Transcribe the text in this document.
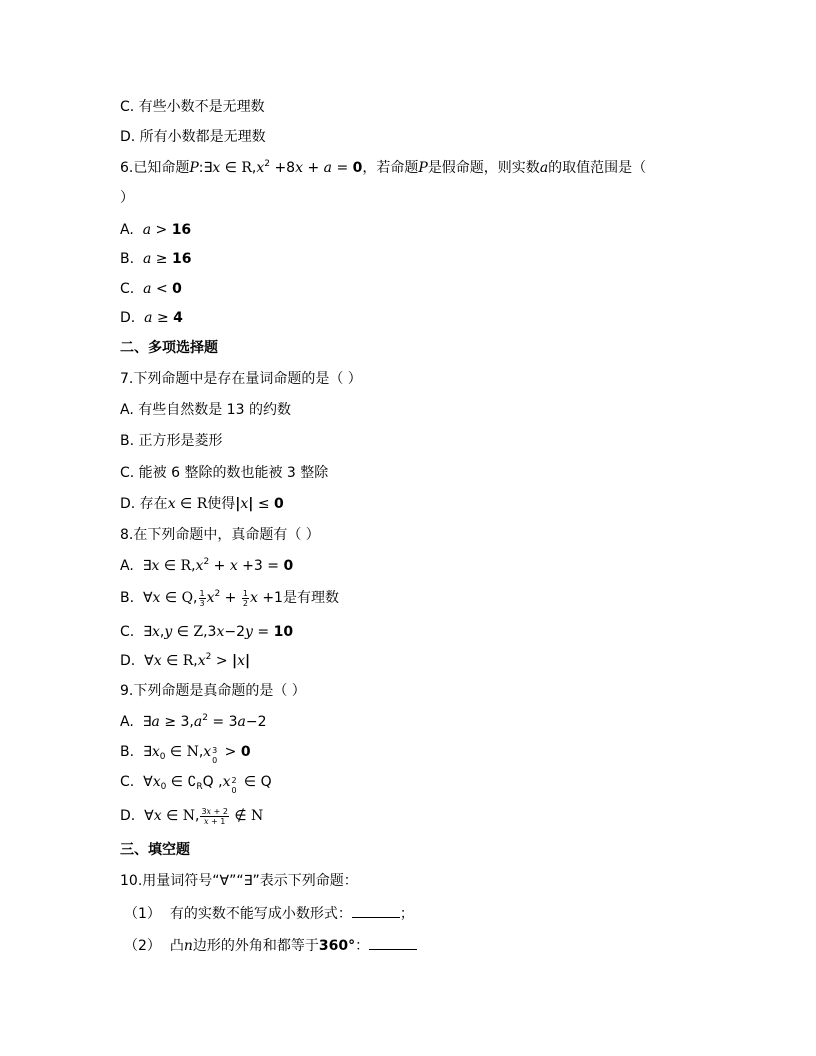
C. 有些小数不是无理数
D. 所有小数都是无理数
6.已知命题P:∃x ∈ $R,x^2 +8x + a = 0$，若命题P是假命题，则实数a的取值范围是（
）
A. a > 16
B. a ≥ 16
C. a < 0
D. a ≥ 4
二、多项选择题
7.下列命题中是存在量词命题的是（ ）
A. 有些自然数是 13 的约数
B. 正方形是菱形
C. 能被 6 整除的数也能被 3 整除
D. 存在x ∈ R使得|x| ≤ 0
8.在下列命题中，真命题有（ ）
A.  ∃x ∈ $R,x^2 + x +3 = 0$
B.  ∀x ∈ Q, $\frac{1}{3} x^2 + \frac{1}{2}$ x +1是有理数
C.  ∃x,y ∈ Z,3x−2y = 10
D.  ∀x ∈ $R,x^2 > |x|$
9.下列命题是真命题的是（ ）
A.  ∃a ≥ $3,a^2 = 3a-2$
B.  $\exists x_0$ ∈ N,x 3
0
> 0
C.  $\forall x_0$ ∈ $∁_RQ$ ,x 2
0
∈ Q
D.  ∀x ∈ N, $\frac{3x + 2}{x + 1}$ ∉ N
三、填空题
10.用量词符号“∀”“∃”表示下列命题：
（1） 有的实数不能写成小数形式：	；
（2） 凸n边形的外角和都等于360°：
